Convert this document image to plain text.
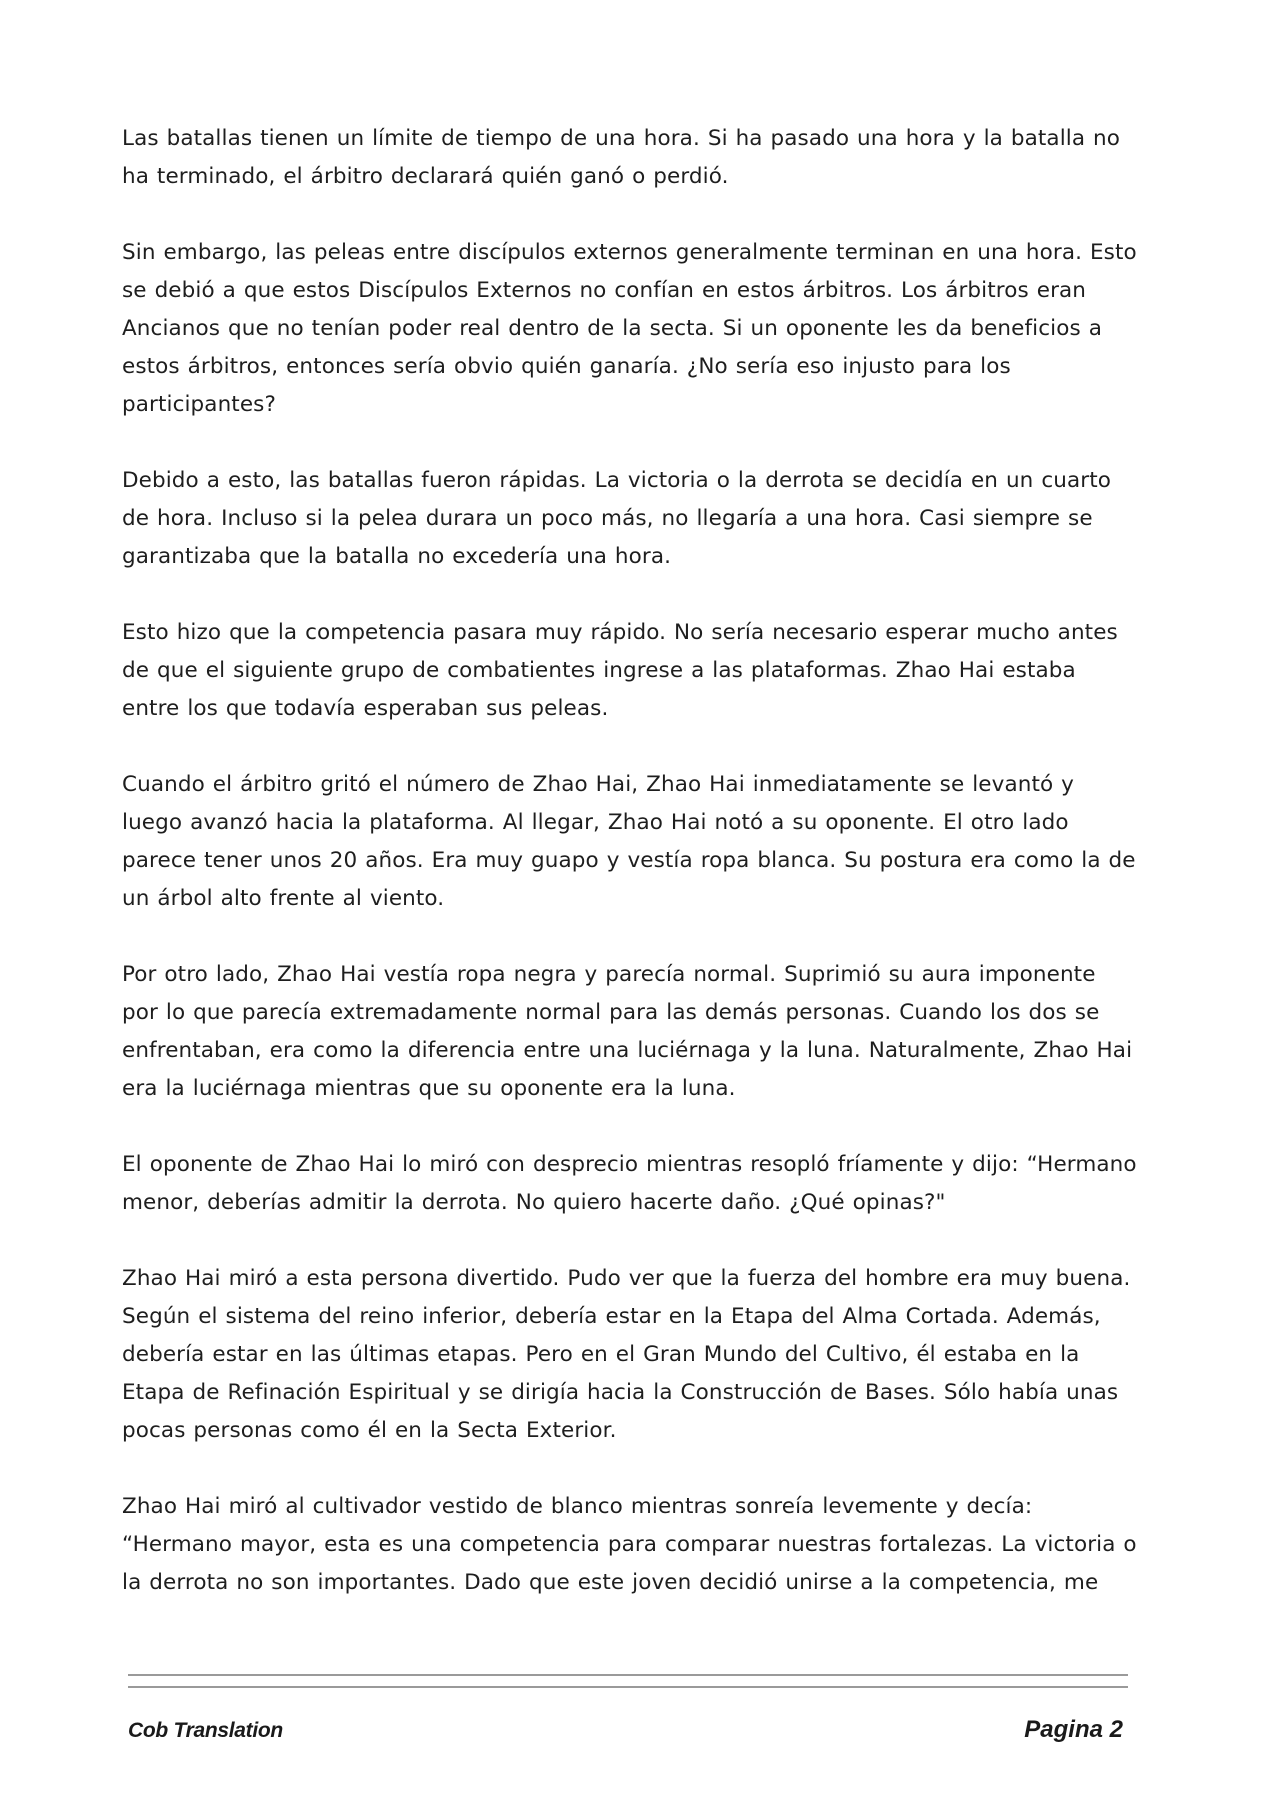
Las batallas tienen un límite de tiempo de una hora. Si ha pasado una hora y la batalla no ha terminado, el árbitro declarará quién ganó o perdió.

Sin embargo, las peleas entre discípulos externos generalmente terminan en una hora. Esto se debió a que estos Discípulos Externos no confían en estos árbitros. Los árbitros eran Ancianos que no tenían poder real dentro de la secta. Si un oponente les da beneficios a estos árbitros, entonces sería obvio quién ganaría. ¿No sería eso injusto para los participantes?

Debido a esto, las batallas fueron rápidas. La victoria o la derrota se decidía en un cuarto de hora. Incluso si la pelea durara un poco más, no llegaría a una hora. Casi siempre se garantizaba que la batalla no excedería una hora.

Esto hizo que la competencia pasara muy rápido. No sería necesario esperar mucho antes de que el siguiente grupo de combatientes ingrese a las plataformas. Zhao Hai estaba entre los que todavía esperaban sus peleas.

Cuando el árbitro gritó el número de Zhao Hai, Zhao Hai inmediatamente se levantó y luego avanzó hacia la plataforma. Al llegar, Zhao Hai notó a su oponente. El otro lado parece tener unos 20 años. Era muy guapo y vestía ropa blanca. Su postura era como la de un árbol alto frente al viento.

Por otro lado, Zhao Hai vestía ropa negra y parecía normal. Suprimió su aura imponente por lo que parecía extremadamente normal para las demás personas. Cuando los dos se enfrentaban, era como la diferencia entre una luciérnaga y la luna. Naturalmente, Zhao Hai era la luciérnaga mientras que su oponente era la luna.

El oponente de Zhao Hai lo miró con desprecio mientras resopló fríamente y dijo: “Hermano menor, deberías admitir la derrota. No quiero hacerte daño. ¿Qué opinas?"

Zhao Hai miró a esta persona divertido. Pudo ver que la fuerza del hombre era muy buena. Según el sistema del reino inferior, debería estar en la Etapa del Alma Cortada. Además, debería estar en las últimas etapas. Pero en el Gran Mundo del Cultivo, él estaba en la Etapa de Refinación Espiritual y se dirigía hacia la Construcción de Bases. Sólo había unas pocas personas como él en la Secta Exterior.

Zhao Hai miró al cultivador vestido de blanco mientras sonreía levemente y decía: “Hermano mayor, esta es una competencia para comparar nuestras fortalezas. La victoria o la derrota no son importantes. Dado que este joven decidió unirse a la competencia, me

Cob Translation	Pagina 2
